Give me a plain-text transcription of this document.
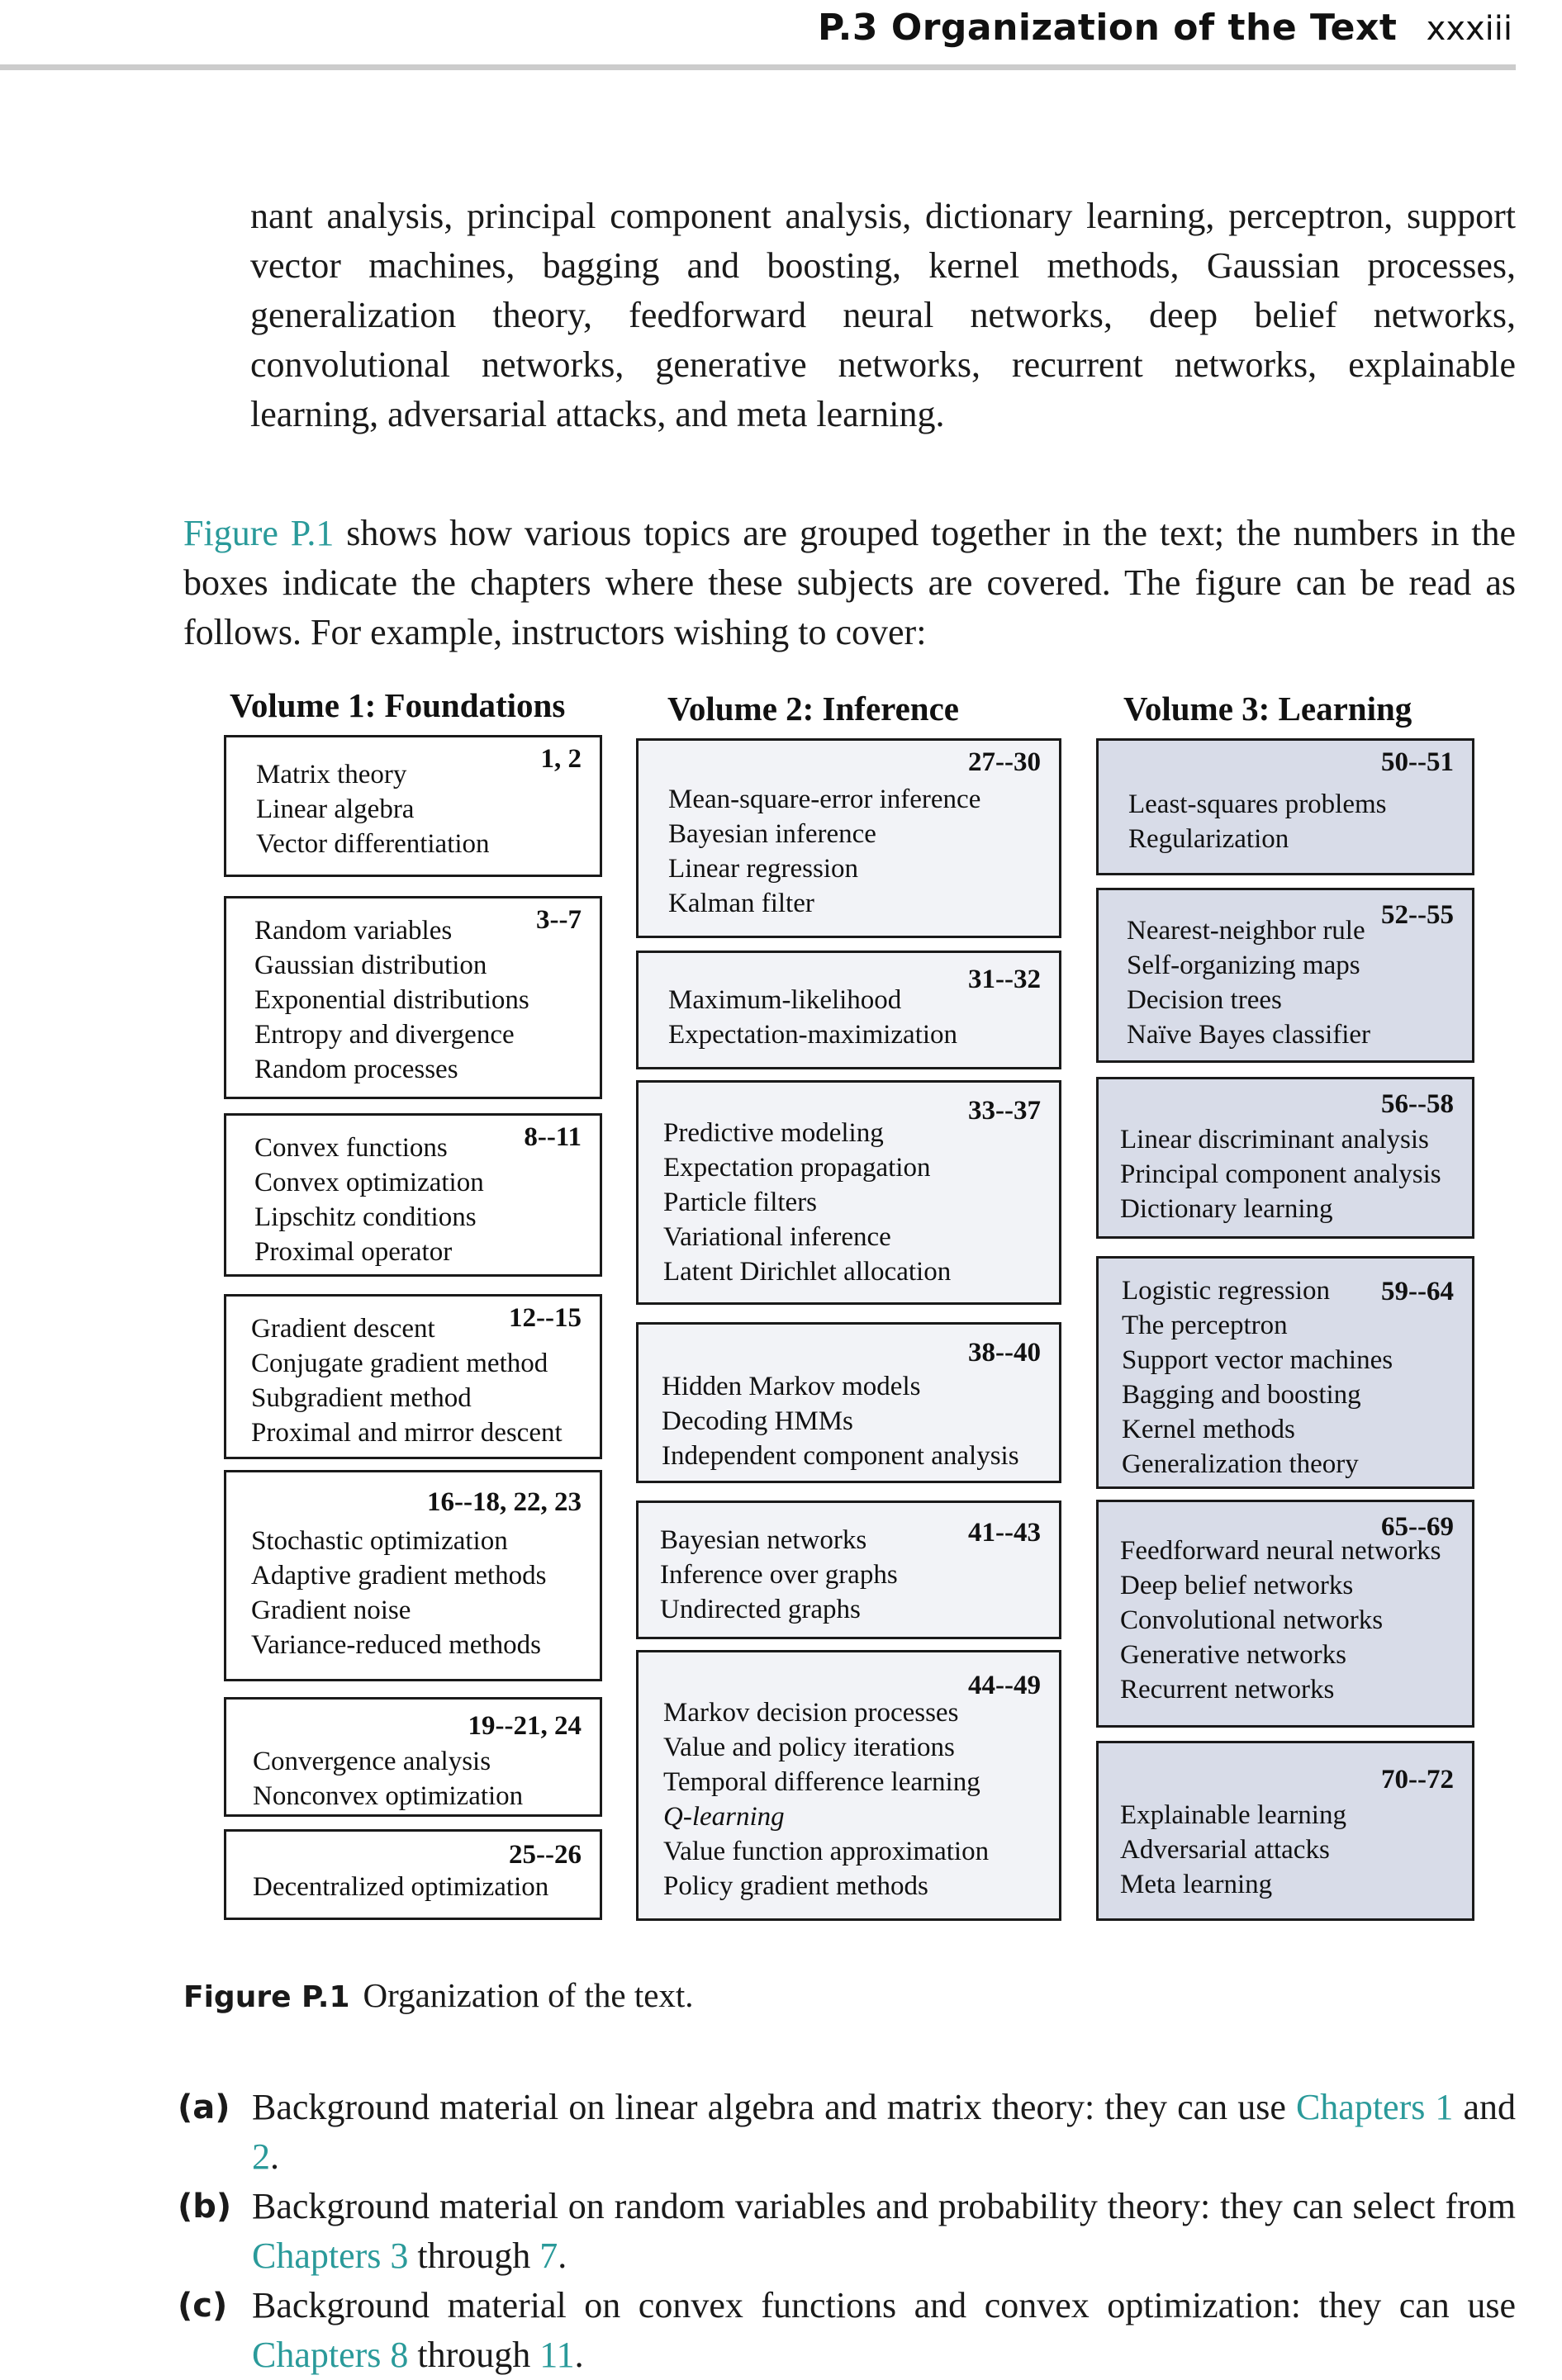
P.3 Organization of the Text xxxiii
nant analysis, principal component analysis, dictionary learning, perceptron, support vector machines, bagging and boosting, kernel methods, Gaussian processes, generalization theory, feedforward neural networks, deep belief networks, convolutional networks, generative networks, recurrent networks, explainable learning, adversarial attacks, and meta learning.
Figure P.1 shows how various topics are grouped together in the text; the numbers in the boxes indicate the chapters where these subjects are covered. The figure can be read as follows. For example, instructors wishing to cover:
Volume 1: Foundations
1, 2
Matrix theory
Linear algebra
Vector differentiation
3--7
Random variables
Gaussian distribution
Exponential distributions
Entropy and divergence
Random processes
8--11
Convex functions
Convex optimization
Lipschitz conditions
Proximal operator
12--15
Gradient descent
Conjugate gradient method
Subgradient method
Proximal and mirror descent
16--18, 22, 23
Stochastic optimization
Adaptive gradient methods
Gradient noise
Variance-reduced methods
19--21, 24
Convergence analysis
Nonconvex optimization
25--26
Decentralized optimization
Volume 2: Inference
27--30
Mean-square-error inference
Bayesian inference
Linear regression
Kalman filter
31--32
Maximum-likelihood
Expectation-maximization
33--37
Predictive modeling
Expectation propagation
Particle filters
Variational inference
Latent Dirichlet allocation
38--40
Hidden Markov models
Decoding HMMs
Independent component analysis
41--43
Bayesian networks
Inference over graphs
Undirected graphs
44--49
Markov decision processes
Value and policy iterations
Temporal difference learning
Q-learning
Value function approximation
Policy gradient methods
Volume 3: Learning
50--51
Least-squares problems
Regularization
52--55
Nearest-neighbor rule
Self-organizing maps
Decision trees
Naïve Bayes classifier
56--58
Linear discriminant analysis
Principal component analysis
Dictionary learning
59--64
Logistic regression
The perceptron
Support vector machines
Bagging and boosting
Kernel methods
Generalization theory
65--69
Feedforward neural networks
Deep belief networks
Convolutional networks
Generative networks
Recurrent networks
70--72
Explainable learning
Adversarial attacks
Meta learning
Figure P.1 Organization of the text.
(a) Background material on linear algebra and matrix theory: they can use Chapters 1 and 2.
(b) Background material on random variables and probability theory: they can select from Chapters 3 through 7.
(c) Background material on convex functions and convex optimization: they can use Chapters 8 through 11.
